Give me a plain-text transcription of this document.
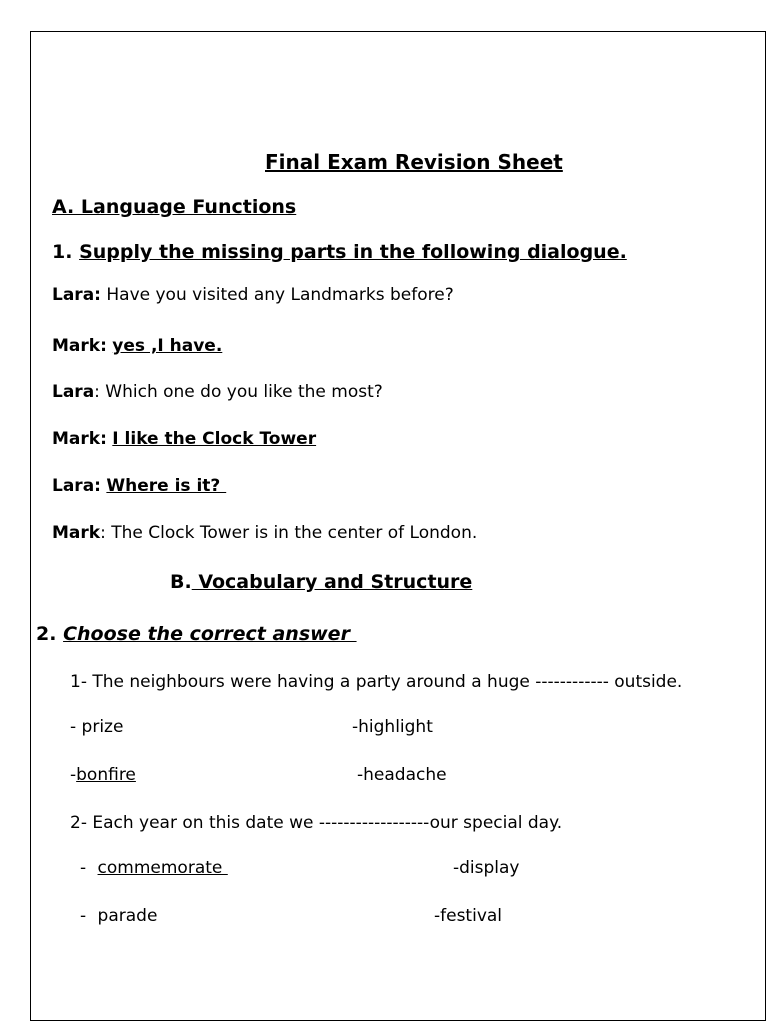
Final Exam Revision Sheet
A. Language Functions
1. Supply the missing parts in the following dialogue.
Lara: Have you visited any Landmarks before?
Mark: yes ,I have.
Lara: Which one do you like the most?
Mark: I like the Clock Tower
Lara: Where is it?
Mark: The Clock Tower is in the center of London.
B. Vocabulary and Structure
2. Choose the correct answer
1- The neighbours were having a party around a huge ------------ outside.
- prize	-highlight
-bonfire	-headache
2- Each year on this date we ------------------our special day.
- commemorate	-display
- parade	-festival
